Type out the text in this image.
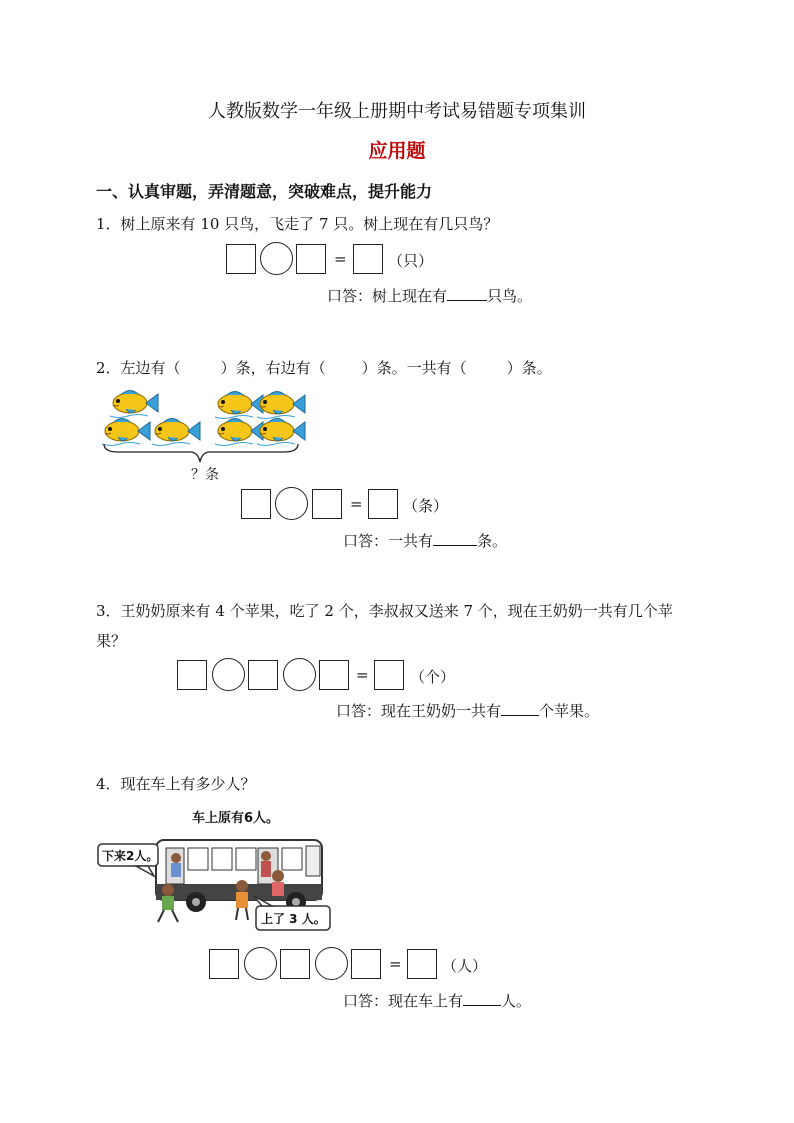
人教版数学一年级上册期中考试易错题专项集训
应用题
一、认真审题，弄清题意，突破难点，提升能力
1．树上原来有 10 只鸟，飞走了 7 只。树上现在有几只鸟？
=	（只）
口答：树上现在有	只鸟。
2．左边有（	）条，右边有（ ）条。一共有（	）条。
？条
=	（条）
口答：一共有	条。
3．王奶奶原来有 4 个苹果，吃了 2 个，李叔叔又送来 7 个，现在王奶奶一共有几个苹
果？
=	（个）
口答：现在王奶奶一共有	个苹果。
4．现在车上有多少人？
车上原有6人。
下来2人。
上了 3 人。
=	（人）
口答：现在车上有	人。
